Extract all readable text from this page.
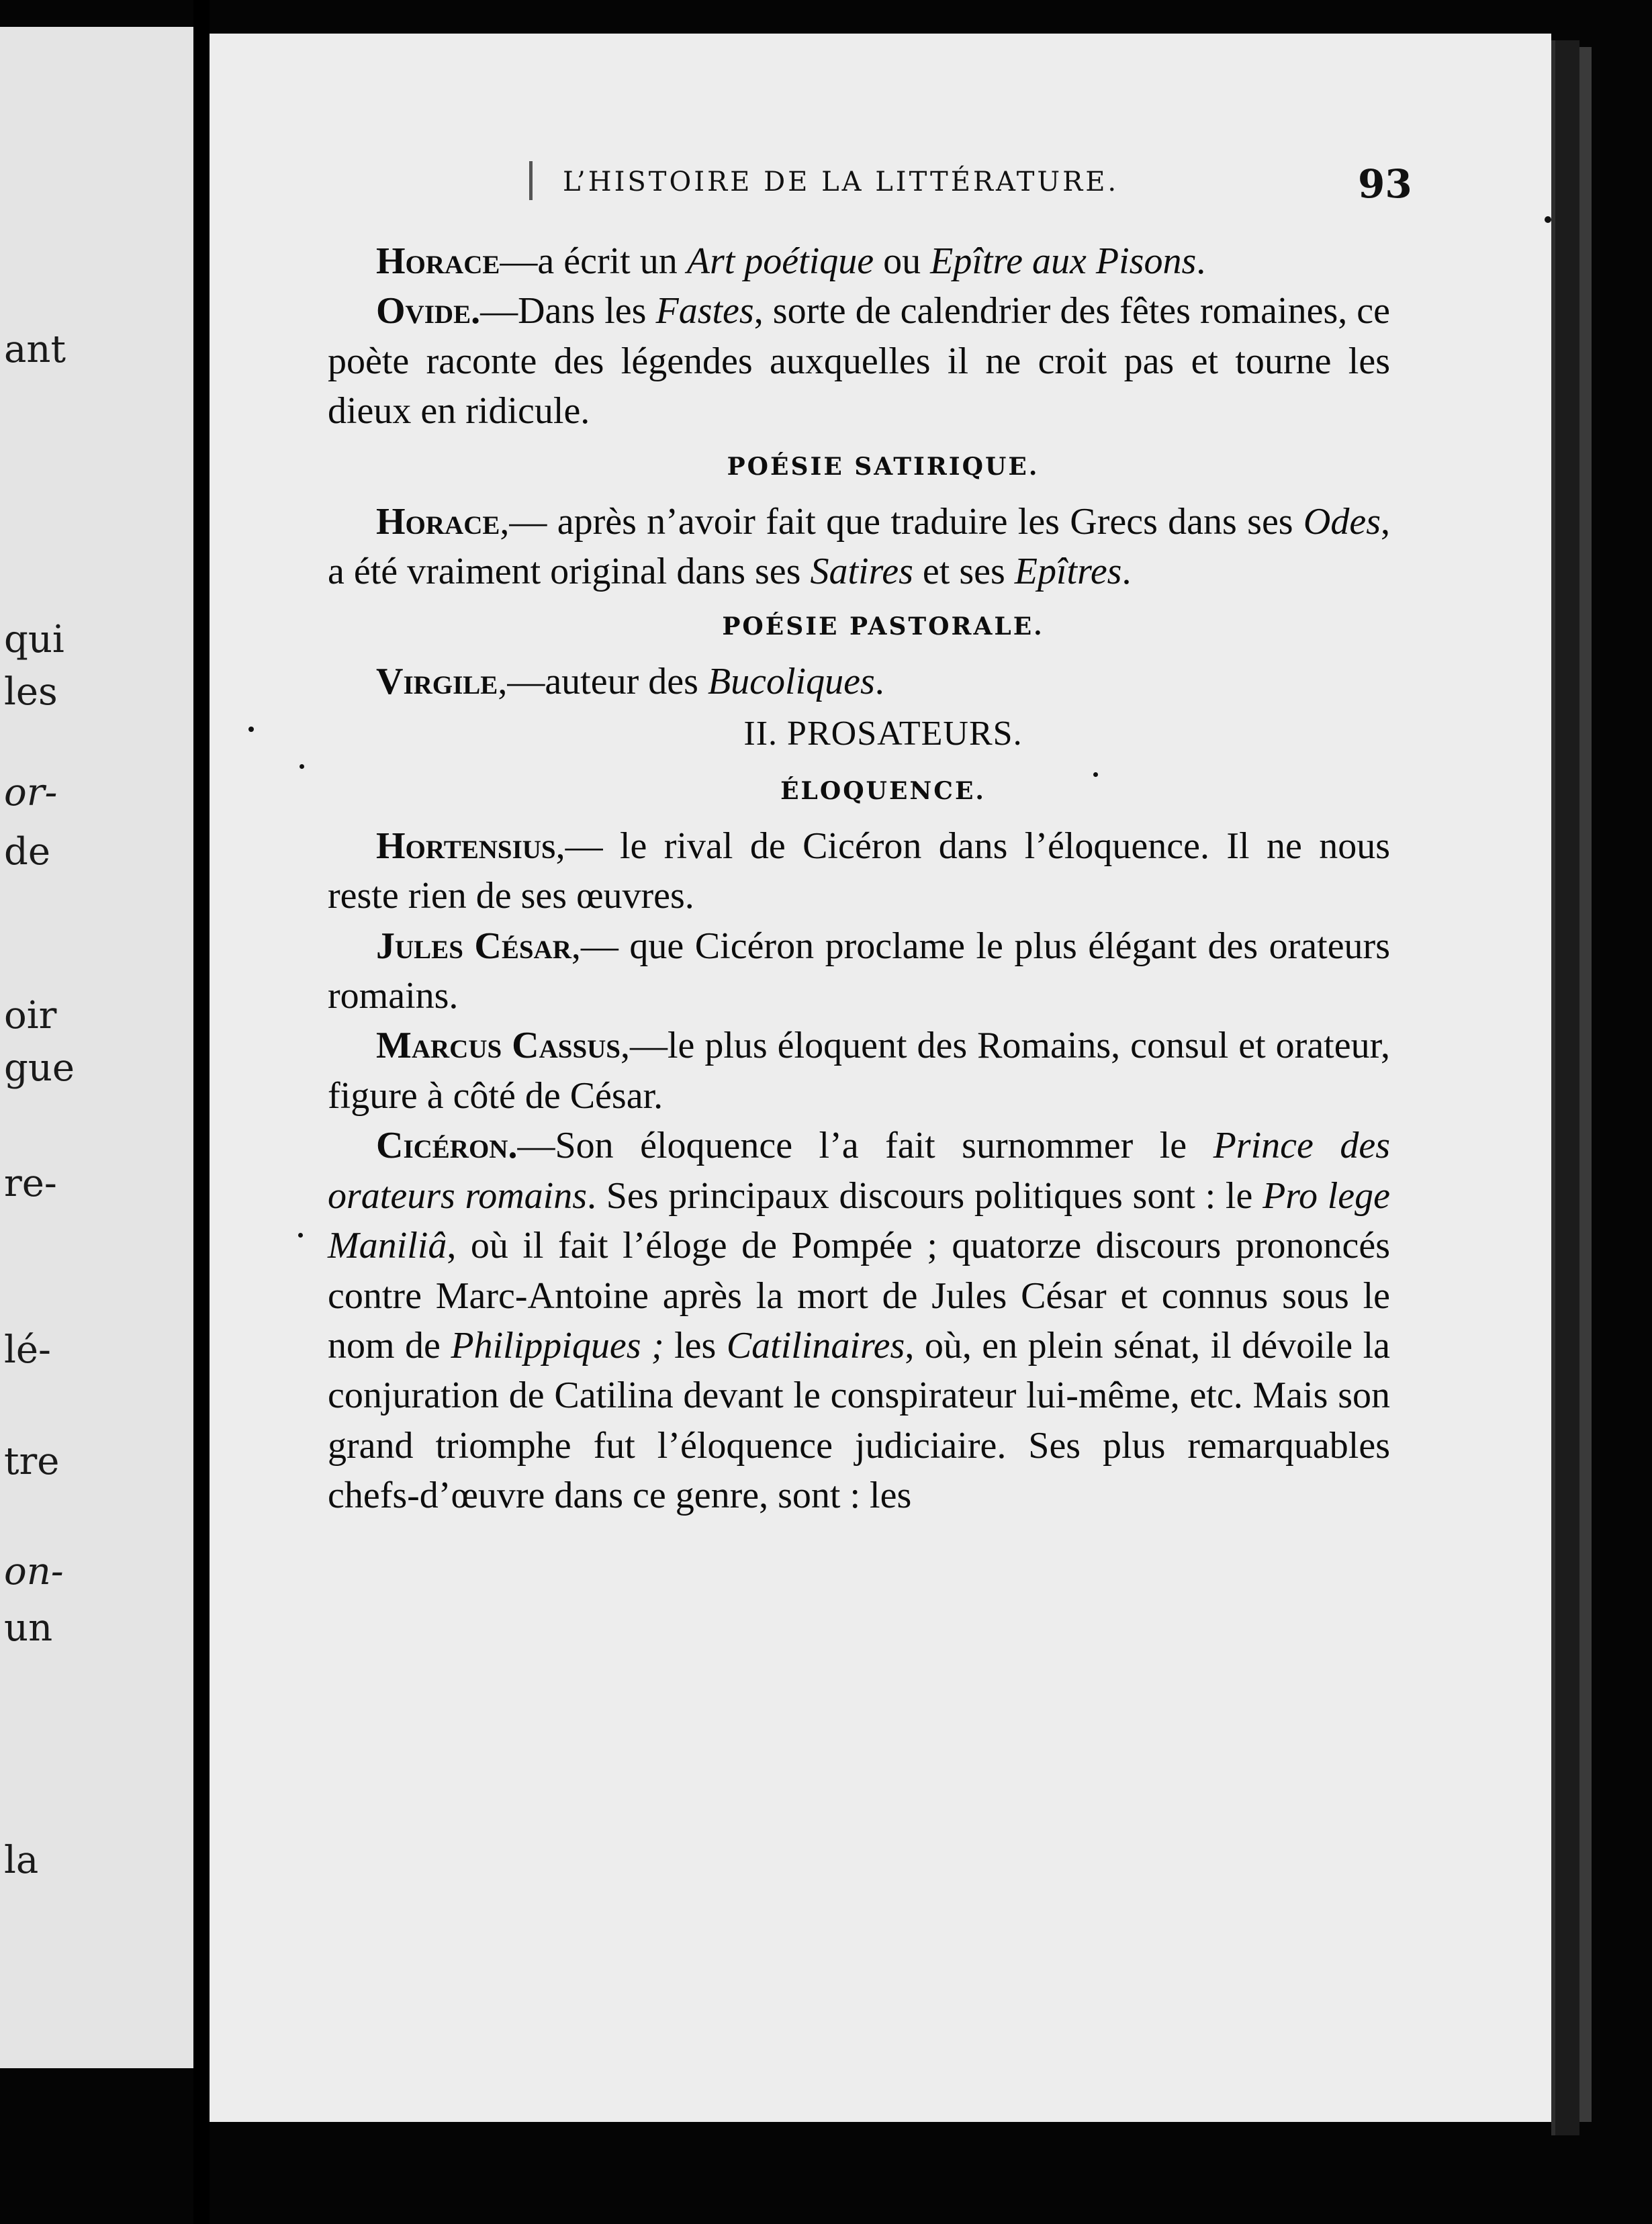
ant
qui
les
or-
de
oir
gue
re-
lé-
tre
on-
un
la
L’HISTOIRE DE LA LITTÉRATURE.	93

Horace—a écrit un Art poétique ou Epître aux Pisons.

Ovide.—Dans les Fastes, sorte de calendrier des fêtes romaines, ce poète raconte des légendes auxquelles il ne croit pas et tourne les dieux en ridicule.

POÉSIE SATIRIQUE.

Horace,— après n’avoir fait que traduire les Grecs dans ses Odes, a été vraiment original dans ses Satires et ses Epîtres.

POÉSIE PASTORALE.

Virgile,—auteur des Bucoliques.

II. PROSATEURS.

ÉLOQUENCE.

Hortensius,— le rival de Cicéron dans l’éloquence. Il ne nous reste rien de ses œuvres.

Jules César,— que Cicéron proclame le plus élégant des orateurs romains.

Marcus Cassus,—le plus éloquent des Romains, consul et orateur, figure à côté de César.

Cicéron.—Son éloquence l’a fait surnommer le Prince des orateurs romains. Ses principaux discours politiques sont : le Pro lege Maniliâ, où il fait l’éloge de Pompée ; quatorze discours prononcés contre Marc-Antoine après la mort de Jules César et connus sous le nom de Philippiques ; les Catilinaires, où, en plein sénat, il dévoile la conjuration de Catilina devant le conspirateur lui-même, etc. Mais son grand triomphe fut l’éloquence judiciaire. Ses plus remarquables chefs-d’œuvre dans ce genre, sont : les
